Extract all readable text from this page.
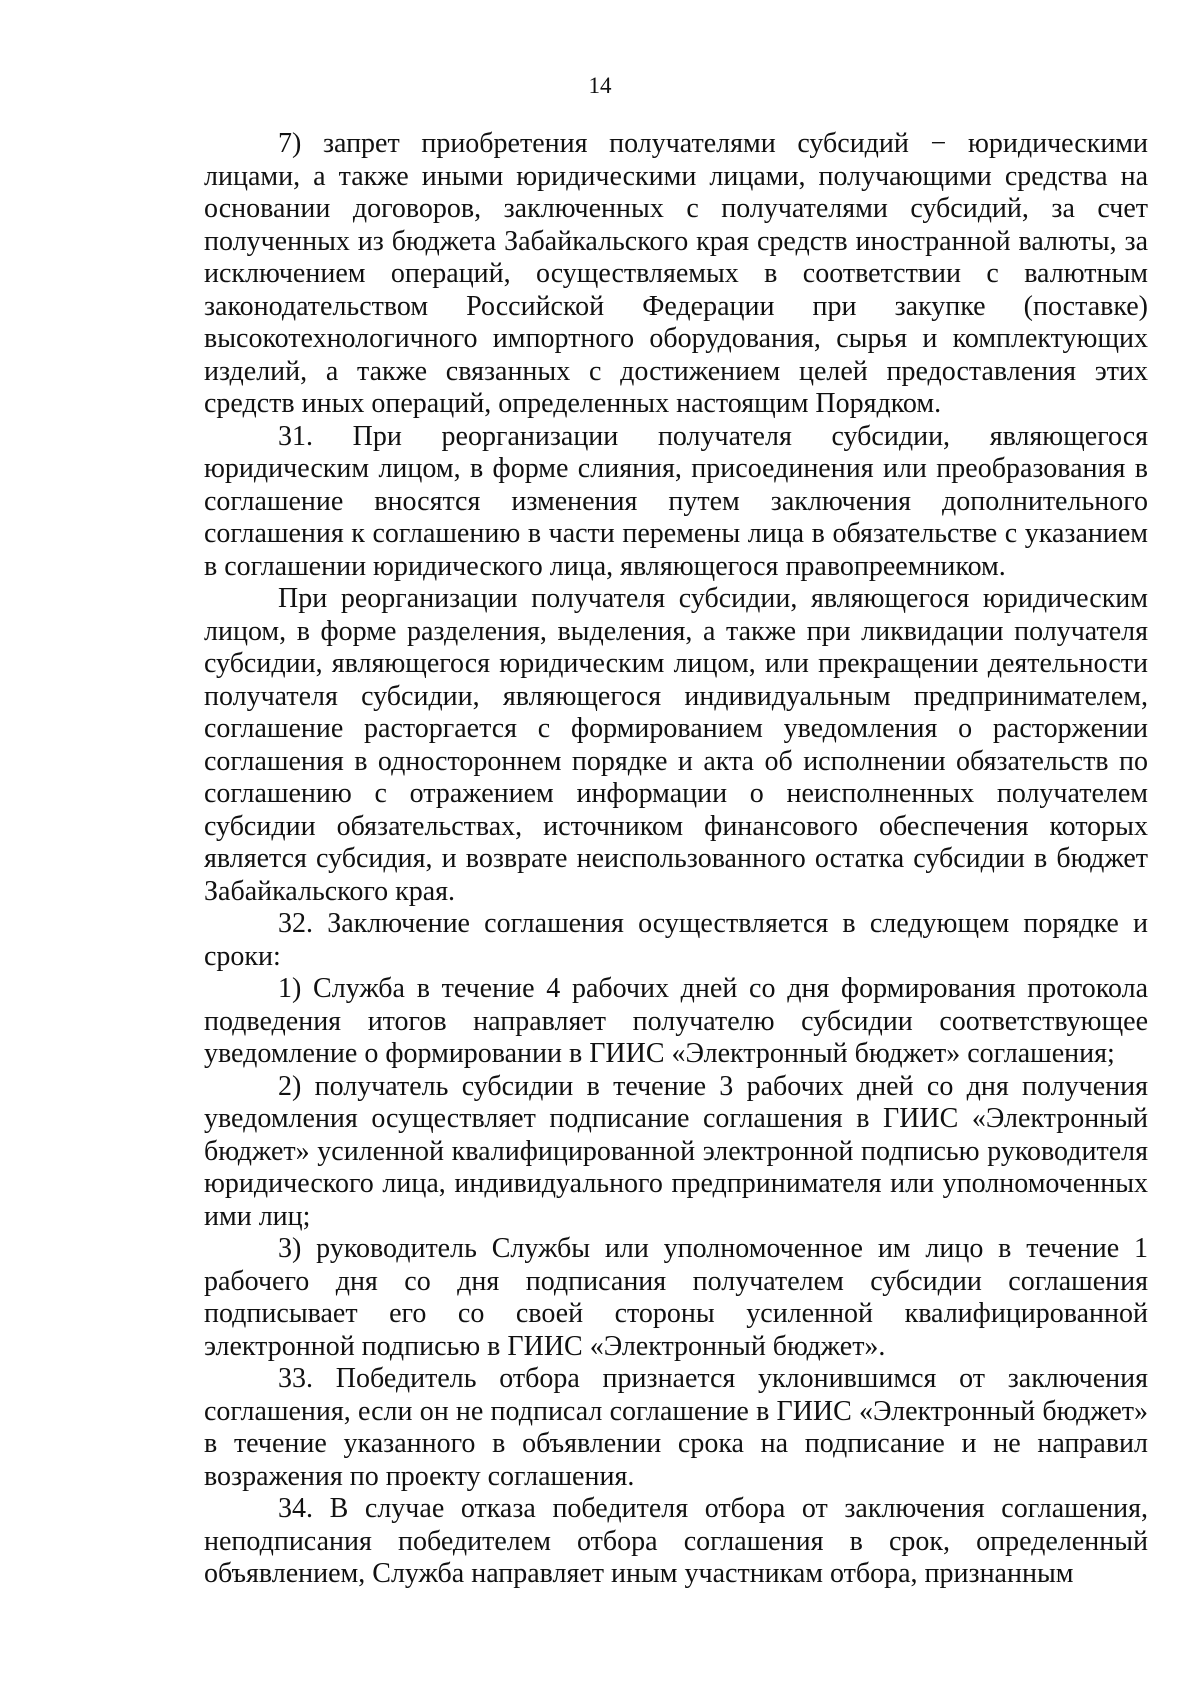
14

7) запрет приобретения получателями субсидий − юридическими лицами, а также иными юридическими лицами, получающими средства на основании договоров, заключенных с получателями субсидий, за счет полученных из бюджета Забайкальского края средств иностранной валюты, за исключением операций, осуществляемых в соответствии с валютным законодательством Российской Федерации при закупке (поставке) высокотехнологичного импортного оборудования, сырья и комплектующих изделий, а также связанных с достижением целей предоставления этих средств иных операций, определенных настоящим Порядком.

31. При реорганизации получателя субсидии, являющегося юридическим лицом, в форме слияния, присоединения или преобразования в соглашение вносятся изменения путем заключения дополнительного соглашения к соглашению в части перемены лица в обязательстве с указанием в соглашении юридического лица, являющегося правопреемником.

При реорганизации получателя субсидии, являющегося юридическим лицом, в форме разделения, выделения, а также при ликвидации получателя субсидии, являющегося юридическим лицом, или прекращении деятельности получателя субсидии, являющегося индивидуальным предпринимателем, соглашение расторгается с формированием уведомления о расторжении соглашения в одностороннем порядке и акта об исполнении обязательств по соглашению с отражением информации о неисполненных получателем субсидии обязательствах, источником финансового обеспечения которых является субсидия, и возврате неиспользованного остатка субсидии в бюджет Забайкальского края.

32. Заключение соглашения осуществляется в следующем порядке и сроки:

1) Служба в течение 4 рабочих дней со дня формирования протокола подведения итогов направляет получателю субсидии соответствующее уведомление о формировании в ГИИС «Электронный бюджет» соглашения;

2) получатель субсидии в течение 3 рабочих дней со дня получения уведомления осуществляет подписание соглашения в ГИИС «Электронный бюджет» усиленной квалифицированной электронной подписью руководителя юридического лица, индивидуального предпринимателя или уполномоченных ими лиц;

3) руководитель Службы или уполномоченное им лицо в течение 1 рабочего дня со дня подписания получателем субсидии соглашения подписывает его со своей стороны усиленной квалифицированной электронной подписью в ГИИС «Электронный бюджет».

33. Победитель отбора признается уклонившимся от заключения соглашения, если он не подписал соглашение в ГИИС «Электронный бюджет» в течение указанного в объявлении срока на подписание и не направил возражения по проекту соглашения.

34. В случае отказа победителя отбора от заключения соглашения, неподписания победителем отбора соглашения в срок, определенный объявлением, Служба направляет иным участникам отбора, признанным
